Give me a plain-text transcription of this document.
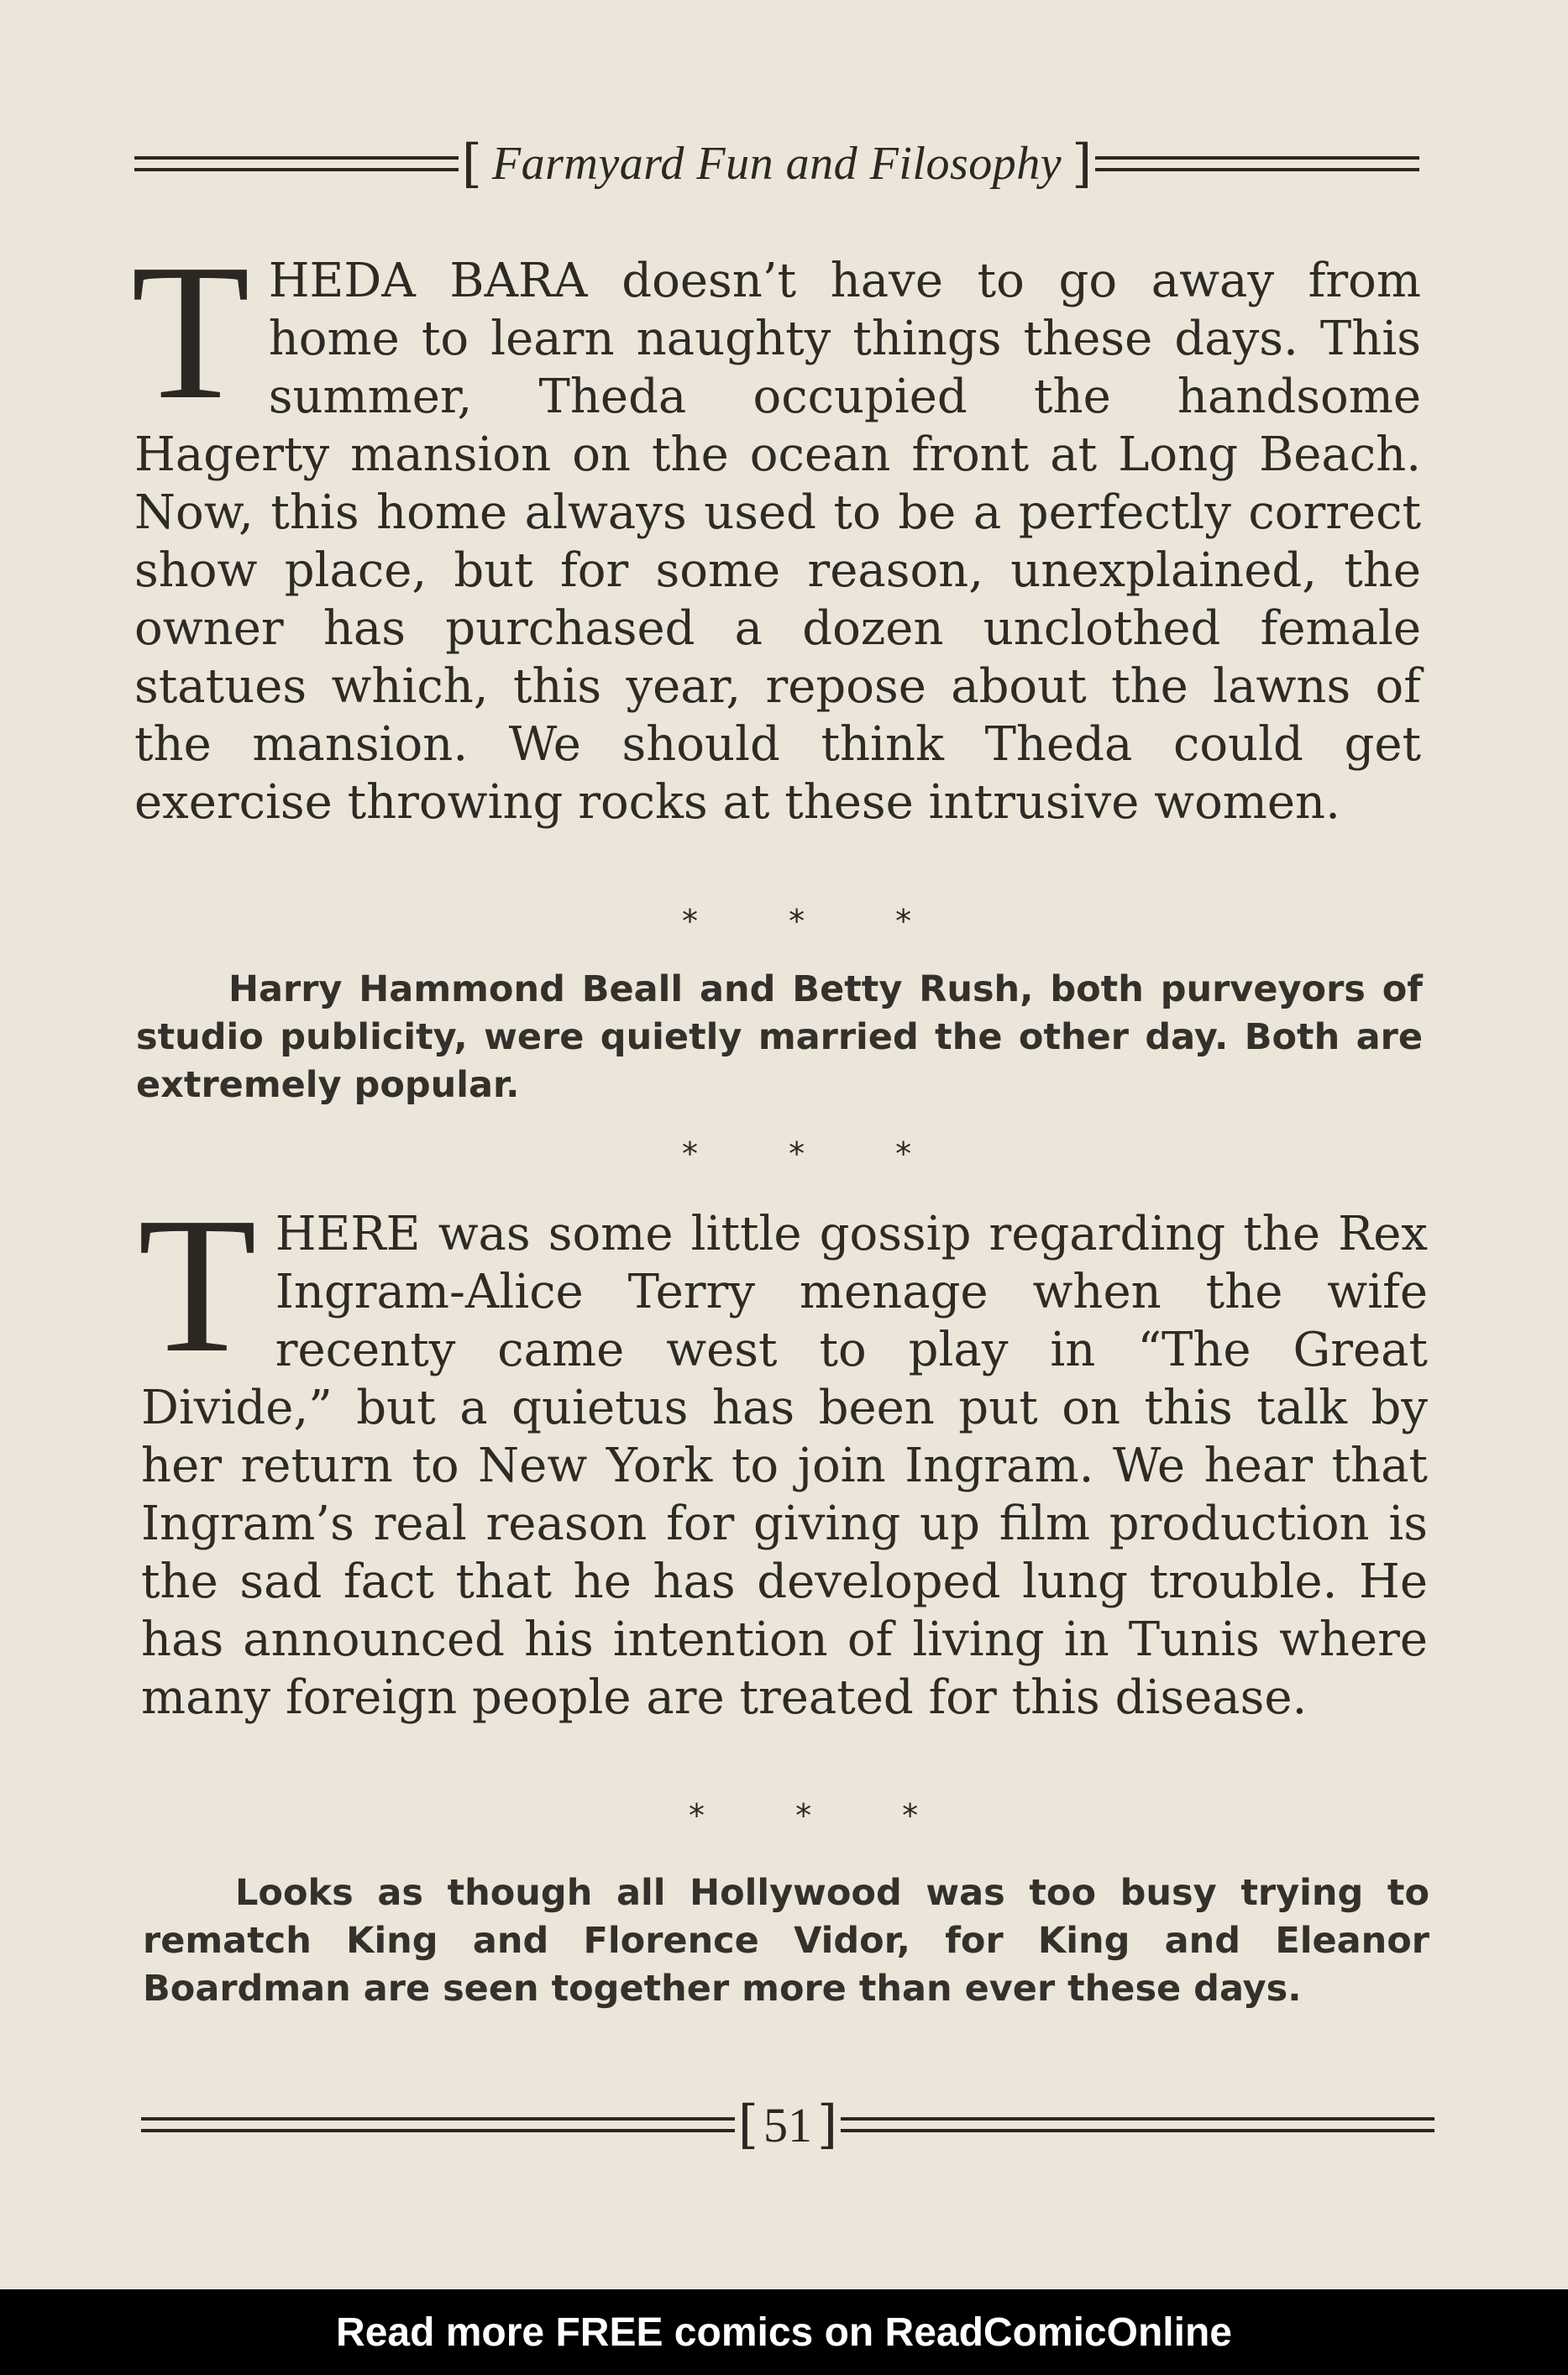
[ Farmyard Fun and Filosophy ]
T HEDA BARA doesn’t have to go away from home to learn naughty things these days. This summer, Theda occupied the handsome Hagerty mansion on the ocean front at Long Beach. Now, this home always used to be a perfectly correct show place, but for some reason, unexplained, the owner has purchased a dozen unclothed female statues which, this year, repose about the lawns of the mansion. We should think Theda could get exercise throwing rocks at these intrusive women.
* * *
Harry Hammond Beall and Betty Rush, both purveyors of studio publicity, were quietly married the other day. Both are extremely popular.
* * *
T HERE was some little gossip regarding the Rex Ingram-Alice Terry menage when the wife recenty came west to play in “The Great Divide,” but a quietus has been put on this talk by her return to New York to join Ingram. We hear that Ingram’s real reason for giving up film production is the sad fact that he has developed lung trouble. He has announced his intention of living in Tunis where many foreign people are treated for this disease.
* * *
Looks as though all Hollywood was too busy trying to rematch King and Florence Vidor, for King and Eleanor Boardman are seen together more than ever these days.
[ 51 ]
Read more FREE comics on ReadComicOnline
